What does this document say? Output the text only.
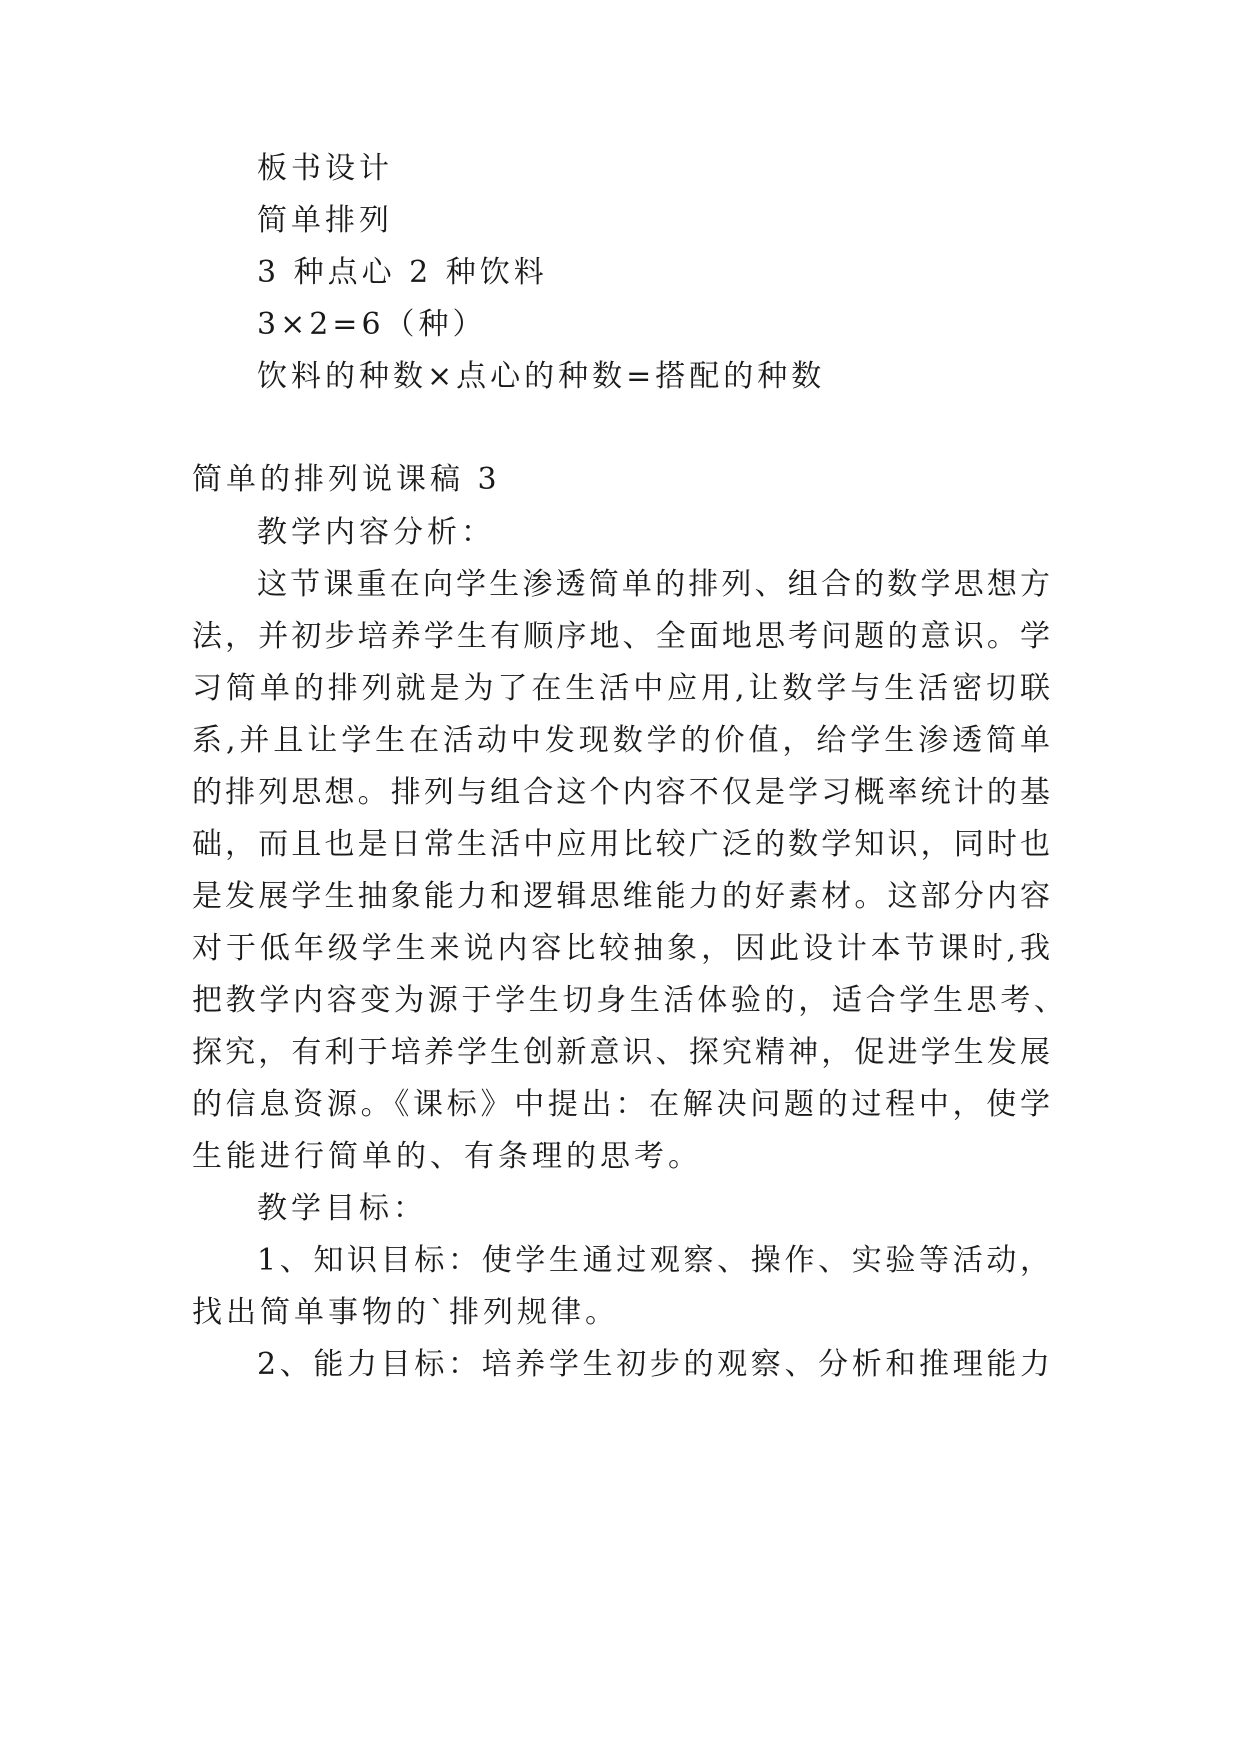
板书设计
简单排列
3 种点心 2 种饮料
3×2=6（种）
饮料的种数×点心的种数=搭配的种数
简单的排列说课稿 3
教学内容分析：
这节课重在向学生渗透简单的排列、组合的数学思想方
法，并初步培养学生有顺序地、全面地思考问题的意识。学
习简单的排列就是为了在生活中应用,让数学与生活密切联
系,并且让学生在活动中发现数学的价值，给学生渗透简单
的排列思想。排列与组合这个内容不仅是学习概率统计的基
础，而且也是日常生活中应用比较广泛的数学知识，同时也
是发展学生抽象能力和逻辑思维能力的好素材。这部分内容
对于低年级学生来说内容比较抽象，因此设计本节课时,我
把教学内容变为源于学生切身生活体验的，适合学生思考、
探究，有利于培养学生创新意识、探究精神，促进学生发展
的信息资源。《课标》中提出：在解决问题的过程中，使学
生能进行简单的、有条理的思考。
教学目标：
1、知识目标：使学生通过观察、操作、实验等活动，
找出简单事物的`排列规律。
2、能力目标：培养学生初步的观察、分析和推理能力
